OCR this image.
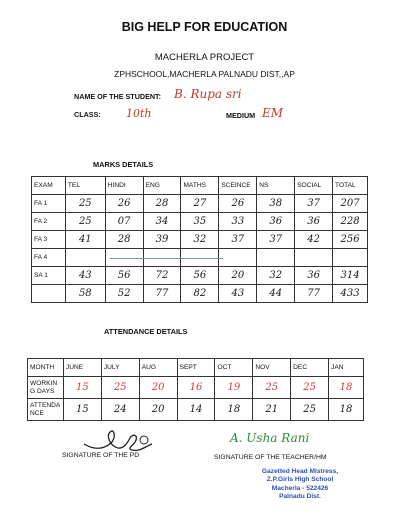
BIG HELP FOR EDUCATION
MACHERLA PROJECT
ZPHSCHOOL,MACHERLA PALNADU DIST,,AP
NAME OF THE STUDENT: B. Rupa sri
CLASS: 10th	MEDIUM EM
MARKS DETAILS
EXAM	TEL	HINDI	ENG	MATHS	SCEINCE	NS	SOCIAL	TOTAL
FA 1	25	26	28	27	26	38	37	207
FA 2	25	07	34	35	33	36	36	228
FA 3	41	28	39	32	37	37	42	256
FA 4		

SA 1	43	56	72	56	20	32	36	314
	58	52	77	82	43	44	77	433
ATTENDANCE DETAILS
MONTH	JUNE	JULY	AUG	SEPT	OCT	NOV	DEC	JAN
WORKIN G DAYS	15	25	20	16	19	25	25	18
ATTENDA NCE	15	24	20	14	18	21	25	18
SIGNATURE OF THE PD
A. Usha Rani
SIGNATURE OF THE TEACHER/HM
Gazetted Head Mistress,
Z.P.Girls High School
Macherla - 522426
Palnadu Dist.
